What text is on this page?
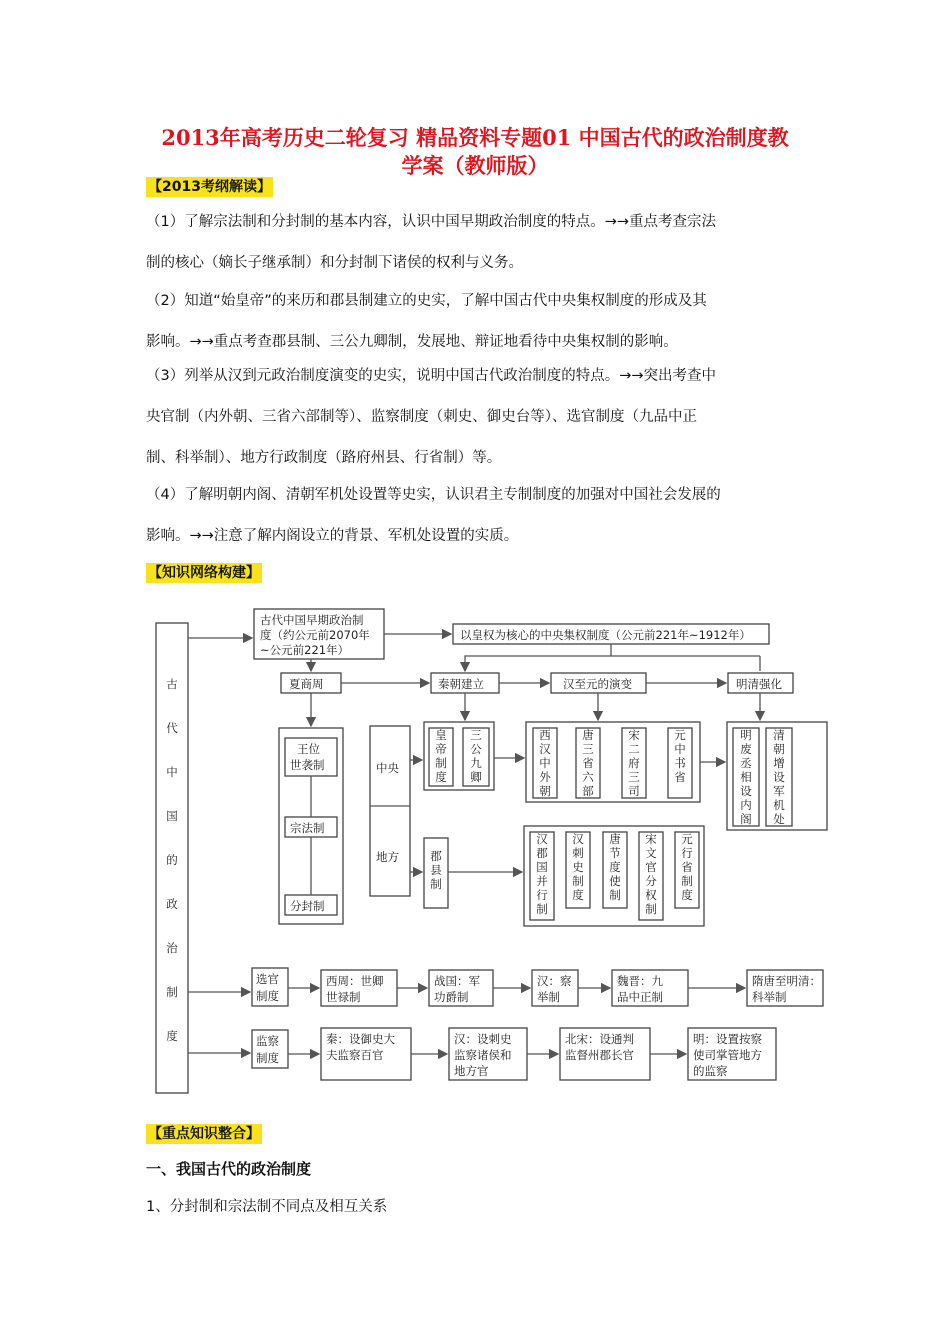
2013年高考历史二轮复习 精品资料专题01 中国古代的政治制度教
学案（教师版）
【2013考纲解读】
（1）了解宗法制和分封制的基本内容，认识中国早期政治制度的特点。→→重点考查宗法
制的核心（嫡长子继承制）和分封制下诸侯的权利与义务。
（2）知道“始皇帝”的来历和郡县制建立的史实，了解中国古代中央集权制度的形成及其
影响。→→重点考查郡县制、三公九卿制，发展地、辩证地看待中央集权制的影响。
（3）列举从汉到元政治制度演变的史实，说明中国古代政治制度的特点。→→突出考查中
央官制（内外朝、三省六部制等）、监察制度（刺史、御史台等）、选官制度（九品中正
制、科举制）、地方行政制度（路府州县、行省制）等。
（4）了解明朝内阁、清朝军机处设置等史实，认识君主专制制度的加强对中国社会发展的
影响。→→注意了解内阁设立的背景、军机处设置的实质。
【知识网络构建】
古代中国的政治制度
古代中国早期政治制
度（约公元前2070年
~公元前221年）
以皇权为核心的中央集权制度（公元前221年~1912年）
夏商周	秦朝建立	汉至元的演变	明清强化
王位
世袭制
宗法制
分封制
中央
地方
皇帝制度
三公九卿
西汉中外朝
唐三省六部
宋二府三司
元中书省
明废丞相设内阁
清朝增设军机处
郡县制
汉郡国并行制
汉刺史制度
唐节度使制
宋文官分权制
元行省制度
选官
制度
西周：世卿
世禄制
战国：军
功爵制
汉：察
举制
魏晋：九
品中正制
隋唐至明清：
科举制
监察
制度
秦：设御史大
夫监察百官
汉：设刺史
监察诸侯和
地方官
北宋：设通判
监督州郡长官
明：设置按察
使司掌管地方
的监察
【重点知识整合】
一、我国古代的政治制度
1、分封制和宗法制不同点及相互关系
